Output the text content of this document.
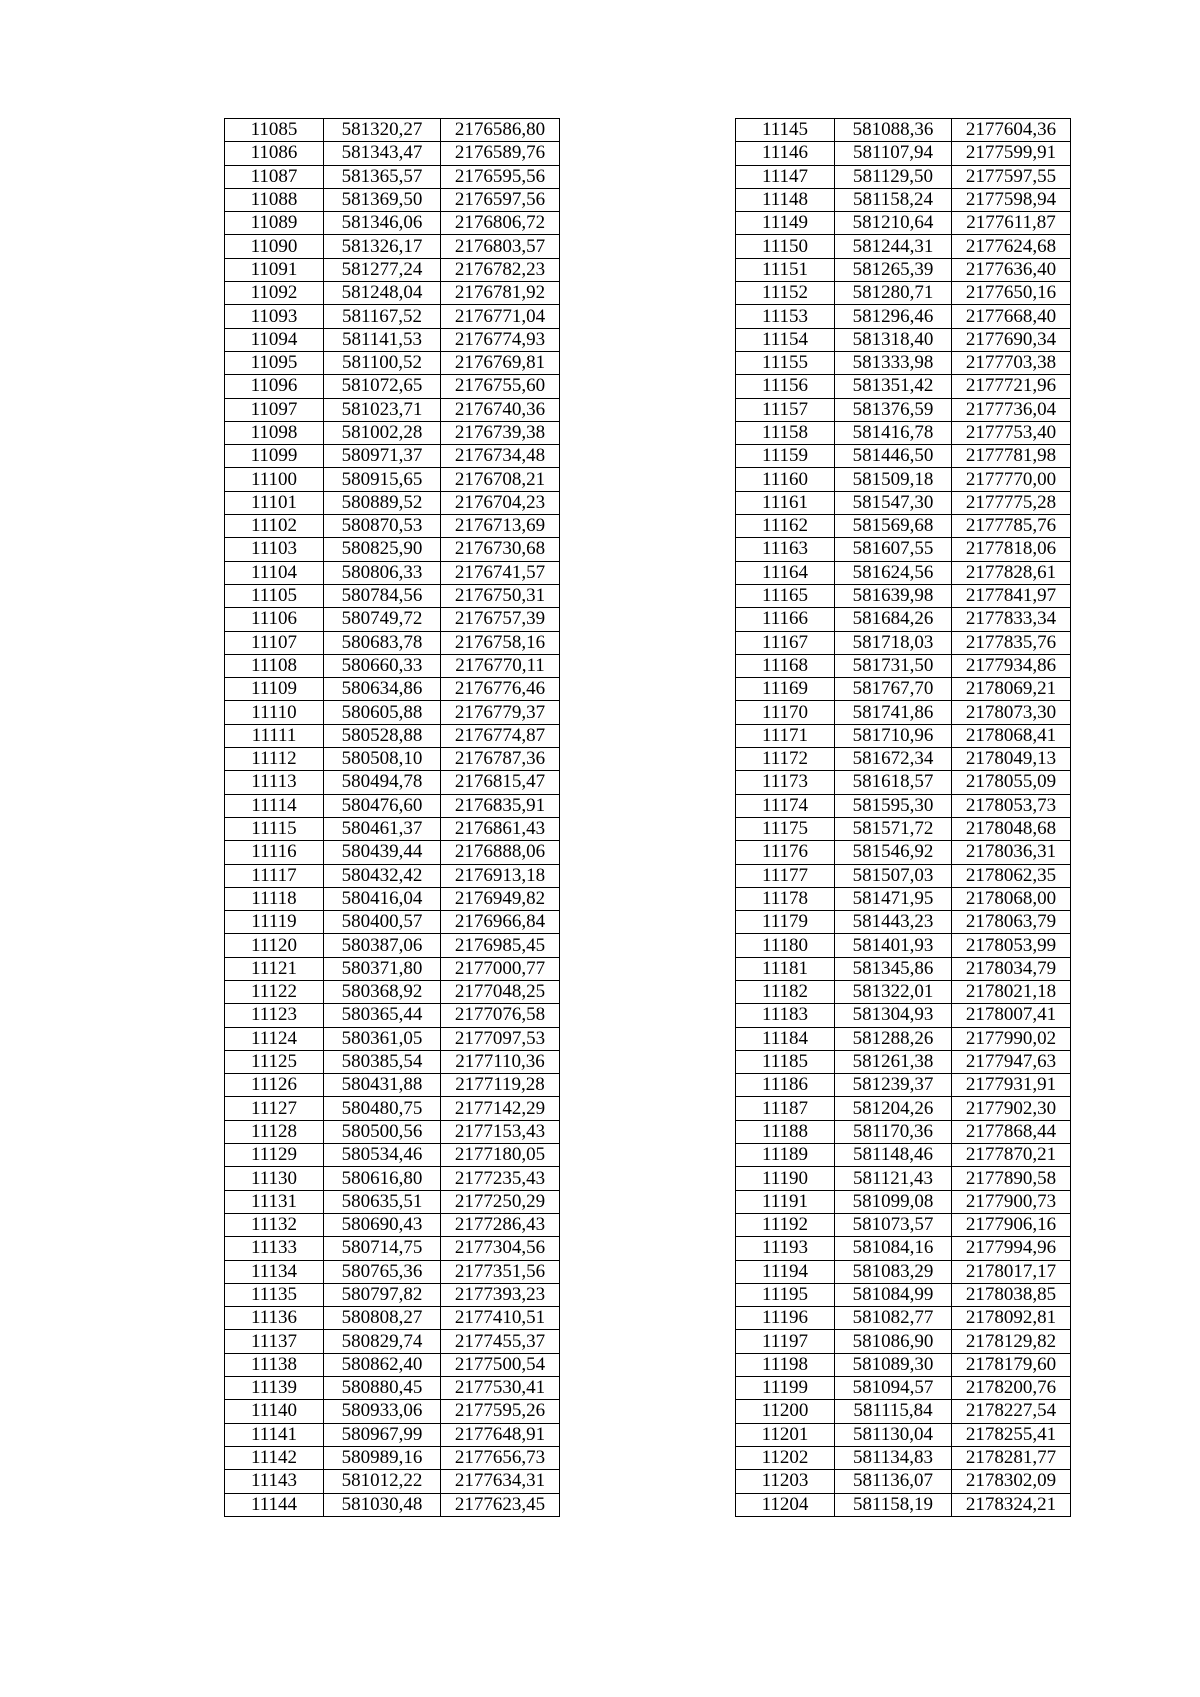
11085	581320,27	2176586,80
11086	581343,47	2176589,76
11087	581365,57	2176595,56
11088	581369,50	2176597,56
11089	581346,06	2176806,72
11090	581326,17	2176803,57
11091	581277,24	2176782,23
11092	581248,04	2176781,92
11093	581167,52	2176771,04
11094	581141,53	2176774,93
11095	581100,52	2176769,81
11096	581072,65	2176755,60
11097	581023,71	2176740,36
11098	581002,28	2176739,38
11099	580971,37	2176734,48
11100	580915,65	2176708,21
11101	580889,52	2176704,23
11102	580870,53	2176713,69
11103	580825,90	2176730,68
11104	580806,33	2176741,57
11105	580784,56	2176750,31
11106	580749,72	2176757,39
11107	580683,78	2176758,16
11108	580660,33	2176770,11
11109	580634,86	2176776,46
11110	580605,88	2176779,37
11111	580528,88	2176774,87
11112	580508,10	2176787,36
11113	580494,78	2176815,47
11114	580476,60	2176835,91
11115	580461,37	2176861,43
11116	580439,44	2176888,06
11117	580432,42	2176913,18
11118	580416,04	2176949,82
11119	580400,57	2176966,84
11120	580387,06	2176985,45
11121	580371,80	2177000,77
11122	580368,92	2177048,25
11123	580365,44	2177076,58
11124	580361,05	2177097,53
11125	580385,54	2177110,36
11126	580431,88	2177119,28
11127	580480,75	2177142,29
11128	580500,56	2177153,43
11129	580534,46	2177180,05
11130	580616,80	2177235,43
11131	580635,51	2177250,29
11132	580690,43	2177286,43
11133	580714,75	2177304,56
11134	580765,36	2177351,56
11135	580797,82	2177393,23
11136	580808,27	2177410,51
11137	580829,74	2177455,37
11138	580862,40	2177500,54
11139	580880,45	2177530,41
11140	580933,06	2177595,26
11141	580967,99	2177648,91
11142	580989,16	2177656,73
11143	581012,22	2177634,31
11144	581030,48	2177623,45
11145	581088,36	2177604,36
11146	581107,94	2177599,91
11147	581129,50	2177597,55
11148	581158,24	2177598,94
11149	581210,64	2177611,87
11150	581244,31	2177624,68
11151	581265,39	2177636,40
11152	581280,71	2177650,16
11153	581296,46	2177668,40
11154	581318,40	2177690,34
11155	581333,98	2177703,38
11156	581351,42	2177721,96
11157	581376,59	2177736,04
11158	581416,78	2177753,40
11159	581446,50	2177781,98
11160	581509,18	2177770,00
11161	581547,30	2177775,28
11162	581569,68	2177785,76
11163	581607,55	2177818,06
11164	581624,56	2177828,61
11165	581639,98	2177841,97
11166	581684,26	2177833,34
11167	581718,03	2177835,76
11168	581731,50	2177934,86
11169	581767,70	2178069,21
11170	581741,86	2178073,30
11171	581710,96	2178068,41
11172	581672,34	2178049,13
11173	581618,57	2178055,09
11174	581595,30	2178053,73
11175	581571,72	2178048,68
11176	581546,92	2178036,31
11177	581507,03	2178062,35
11178	581471,95	2178068,00
11179	581443,23	2178063,79
11180	581401,93	2178053,99
11181	581345,86	2178034,79
11182	581322,01	2178021,18
11183	581304,93	2178007,41
11184	581288,26	2177990,02
11185	581261,38	2177947,63
11186	581239,37	2177931,91
11187	581204,26	2177902,30
11188	581170,36	2177868,44
11189	581148,46	2177870,21
11190	581121,43	2177890,58
11191	581099,08	2177900,73
11192	581073,57	2177906,16
11193	581084,16	2177994,96
11194	581083,29	2178017,17
11195	581084,99	2178038,85
11196	581082,77	2178092,81
11197	581086,90	2178129,82
11198	581089,30	2178179,60
11199	581094,57	2178200,76
11200	581115,84	2178227,54
11201	581130,04	2178255,41
11202	581134,83	2178281,77
11203	581136,07	2178302,09
11204	581158,19	2178324,21
